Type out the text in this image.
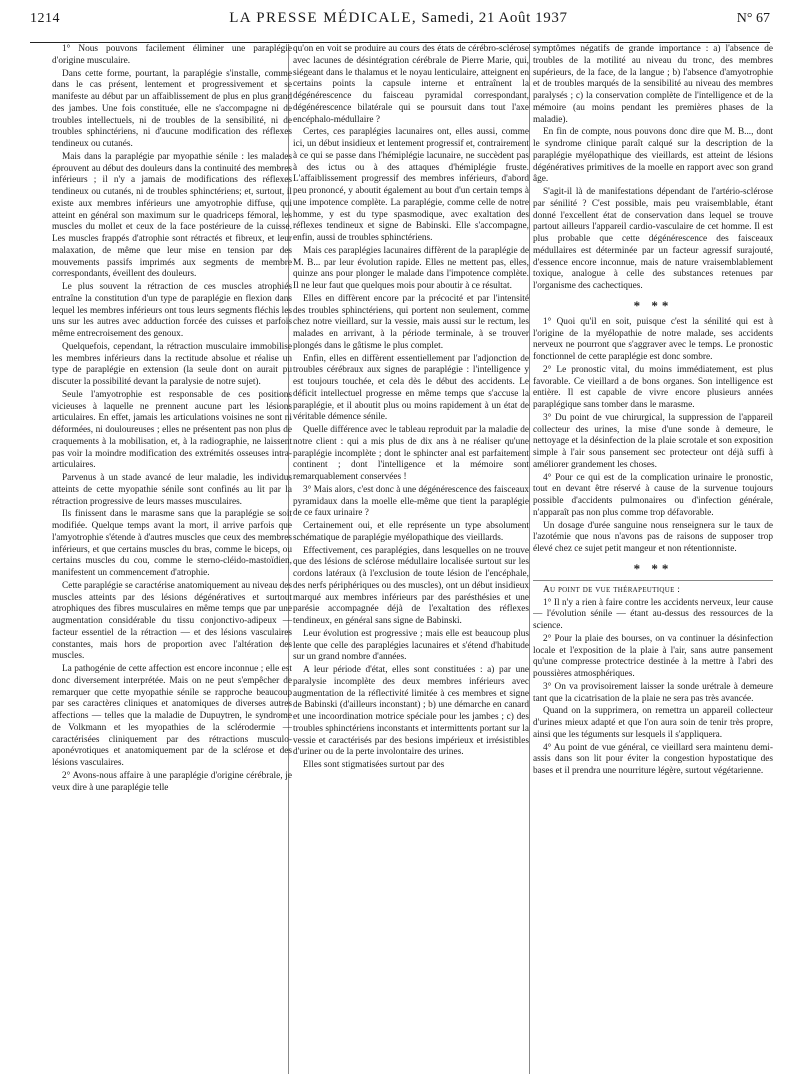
1214	LA PRESSE MÉDICALE, Samedi, 21 Août 1937	N° 67

1° Nous pouvons facilement éliminer une paraplégie d'origine musculaire.

Dans cette forme, pourtant, la paraplégie s'installe, comme dans le cas présent, lentement et progressivement et se manifeste au début par un affaiblissement de plus en plus grand des jambes. Une fois constituée, elle ne s'accompagne ni de troubles intellectuels, ni de troubles de la sensibilité, ni de troubles sphinctériens, ni d'aucune modification des réflexes tendineux ou cutanés.

Mais dans la paraplégie par myopathie sénile : les malades éprouvent au début des douleurs dans la continuité des membres inférieurs ; il n'y a jamais de modifications des réflexes tendineux ou cutanés, ni de troubles sphinctériens; et, surtout, il existe aux membres inférieurs une amyotrophie diffuse, qui atteint en général son maximum sur le quadriceps fémoral, les muscles du mollet et ceux de la face postérieure de la cuisse. Les muscles frappés d'atrophie sont rétractés et fibreux, et leur malaxation, de même que leur mise en tension par des mouvements passifs imprimés aux segments de membre correspondants, éveillent des douleurs.

Le plus souvent la rétraction de ces muscles atrophiés entraîne la constitution d'un type de paraplégie en flexion dans lequel les membres inférieurs ont tous leurs segments fléchis les uns sur les autres avec adduction forcée des cuisses et parfois même entrecroisement des genoux.

Quelquefois, cependant, la rétraction musculaire immobilise les membres inférieurs dans la rectitude absolue et réalise un type de paraplégie en extension (la seule dont on aurait pu discuter la possibilité devant la paralysie de notre sujet).

Seule l'amyotrophie est responsable de ces positions vicieuses à laquelle ne prennent aucune part les lésions articulaires. En effet, jamais les articulations voisines ne sont ni déformées, ni douloureuses ; elles ne présentent pas non plus de craquements à la mobilisation, et, à la radiographie, ne laissent pas voir la moindre modification des extrémités osseuses intra-articulaires.

Parvenus à un stade avancé de leur maladie, les individus atteints de cette myopathie sénile sont confinés au lit par la rétraction progressive de leurs masses musculaires.

Ils finissent dans le marasme sans que la paraplégie se soit modifiée. Quelque temps avant la mort, il arrive parfois que l'amyotrophie s'étende à d'autres muscles que ceux des membres inférieurs, et que certains muscles du bras, comme le biceps, ou certains muscles du cou, comme le sterno-cléido-mastoïdien, manifestent un commencement d'atrophie.

Cette paraplégie se caractérise anatomiquement au niveau des muscles atteints par des lésions dégénératives et surtout atrophiques des fibres musculaires en même temps que par une augmentation considérable du tissu conjonctivo-adipeux — facteur essentiel de la rétraction — et des lésions vasculaires constantes, mais hors de proportion avec l'altération des muscles.

La pathogénie de cette affection est encore inconnue ; elle est donc diversement interprétée. Mais on ne peut s'empêcher de remarquer que cette myopathie sénile se rapproche beaucoup par ses caractères cliniques et anatomiques de diverses autres affections — telles que la maladie de Dupuytren, le syndrome de Volkmann et les myopathies de la sclérodermie — caractérisées cliniquement par des rétractions musculo-aponévrotiques et anatomiquement par de la sclérose et des lésions vasculaires.

2° Avons-nous affaire à une paraplégie d'origine cérébrale, je veux dire à une paraplégie telle

qu'on en voit se produire au cours des états de cérébro-sclérose avec lacunes de désintégration cérébrale de Pierre Marie, qui, siégeant dans le thalamus et le noyau lenticulaire, atteignent en certains points la capsule interne et entraînent la dégénérescence du faisceau pyramidal correspondant, dégénérescence bilatérale qui se poursuit dans tout l'axe encéphalo-médullaire ?

Certes, ces paraplégies lacunaires ont, elles aussi, comme ici, un début insidieux et lentement progressif et, contrairement à ce qui se passe dans l'hémiplégie lacunaire, ne succèdent pas à des ictus ou à des attaques d'hémiplégie fruste. L'affaiblissement progressif des membres inférieurs, d'abord peu prononcé, y aboutit également au bout d'un certain temps à une impotence complète. La paraplégie, comme celle de notre homme, y est du type spasmodique, avec exaltation des réflexes tendineux et signe de Babinski. Elle s'accompagne, enfin, aussi de troubles sphinctériens.

Mais ces paraplégies lacunaires diffèrent de la paraplégie de M. B... par leur évolution rapide. Elles ne mettent pas, elles, quinze ans pour plonger le malade dans l'impotence complète. Il ne leur faut que quelques mois pour aboutir à ce résultat.

Elles en diffèrent encore par la précocité et par l'intensité des troubles sphinctériens, qui portent non seulement, comme chez notre vieillard, sur la vessie, mais aussi sur le rectum, les malades en arrivant, à la période terminale, à se trouver plongés dans le gâtisme le plus complet.

Enfin, elles en diffèrent essentiellement par l'adjonction de troubles cérébraux aux signes de paraplégie : l'intelligence y est toujours touchée, et cela dès le début des accidents. Le déficit intellectuel progresse en même temps que s'accuse la paraplégie, et il aboutit plus ou moins rapidement à un état de véritable démence sénile.

Quelle différence avec le tableau reproduit par la maladie de notre client : qui a mis plus de dix ans à ne réaliser qu'une paraplégie incomplète ; dont le sphincter anal est parfaitement continent ; dont l'intelligence et la mémoire sont remarquablement conservées !

3° Mais alors, c'est donc à une dégénérescence des faisceaux pyramidaux dans la moelle elle-même que tient la paraplégie de ce faux urinaire ?

Certainement oui, et elle représente un type absolument schématique de paraplégie myélopathique des vieillards.

Effectivement, ces paraplégies, dans lesquelles on ne trouve que des lésions de sclérose médullaire localisée surtout sur les cordons latéraux (à l'exclusion de toute lésion de l'encéphale, des nerfs périphériques ou des muscles), ont un début insidieux marqué aux membres inférieurs par des parésthésies et une parésie accompagnée déjà de l'exaltation des réflexes tendineux, en général sans signe de Babinski.

Leur évolution est progressive ; mais elle est beaucoup plus lente que celle des paraplégies lacunaires et s'étend d'habitude sur un grand nombre d'années.

A leur période d'état, elles sont constituées : a) par une paralysie incomplète des deux membres inférieurs avec augmentation de la réflectivité limitée à ces membres et signe de Babinski (d'ailleurs inconstant) ; b) une démarche en canard et une incoordination motrice spéciale pour les jambes ; c) des troubles sphinctériens inconstants et intermittents portant sur la vessie et caractérisés par des besions impérieux et irrésistibles d'uriner ou de la perte involontaire des urines.

Elles sont stigmatisées surtout par des

symptômes négatifs de grande importance : a) l'absence de troubles de la motilité au niveau du tronc, des membres supérieurs, de la face, de la langue ; b) l'absence d'amyotrophie et de troubles marqués de la sensibilité au niveau des membres paralysés ; c) la conservation complète de l'intelligence et de la mémoire (au moins pendant les premières phases de la maladie).

En fin de compte, nous pouvons donc dire que M. B..., dont le syndrome clinique paraît calqué sur la description de la paraplégie myélopathique des vieillards, est atteint de lésions dégénératives primitives de la moelle en rapport avec son grand âge.

S'agit-il là de manifestations dépendant de l'artério-sclérose par sénilité ? C'est possible, mais peu vraisemblable, étant donné l'excellent état de conservation dans lequel se trouve partout ailleurs l'appareil cardio-vasculaire de cet homme. Il est plus probable que cette dégénérescence des faisceaux médullaires est déterminée par un facteur agressif surajouté, d'essence encore inconnue, mais de nature vraisemblablement toxique, analogue à celle des substances retenues par l'organisme des cachectiques.

* **

1° Quoi qu'il en soit, puisque c'est la sénilité qui est à l'origine de la myélopathie de notre malade, ses accidents nerveux ne pourront que s'aggraver avec le temps. Le pronostic fonctionnel de cette paraplégie est donc sombre.

2° Le pronostic vital, du moins immédiatement, est plus favorable. Ce vieillard a de bons organes. Son intelligence est entière. Il est capable de vivre encore plusieurs années paraplégique sans tomber dans le marasme.

3° Du point de vue chirurgical, la suppression de l'appareil collecteur des urines, la mise d'une sonde à demeure, le nettoyage et la désinfection de la plaie scrotale et son exposition simple à l'air sous pansement sec protecteur ont déjà suffi à améliorer grandement les choses.

4° Pour ce qui est de la complication urinaire le pronostic, tout en devant être réservé à cause de la survenue toujours possible d'accidents pulmonaires ou d'infection générale, n'apparaît pas non plus comme trop défavorable.

Un dosage d'urée sanguine nous renseignera sur le taux de l'azotémie que nous n'avons pas de raisons de supposer trop élevé chez ce sujet petit mangeur et non rétentionniste.

* **

Au point de vue thérapeutique :

1° Il n'y a rien à faire contre les accidents nerveux, leur cause — l'évolution sénile — étant au-dessus des ressources de la science.

2° Pour la plaie des bourses, on va continuer la désinfection locale et l'exposition de la plaie à l'air, sans autre pansement qu'une compresse protectrice destinée à la mettre à l'abri des poussières atmosphériques.

3° On va provisoirement laisser la sonde urétrale à demeure tant que la cicatrisation de la plaie ne sera pas très avancée.

Quand on la supprimera, on remettra un appareil collecteur d'urines mieux adapté et que l'on aura soin de tenir très propre, ainsi que les téguments sur lesquels il s'appliquera.

4° Au point de vue général, ce vieillard sera maintenu demi-assis dans son lit pour éviter la congestion hypostatique des bases et il prendra une nourriture légère, surtout végétarienne.
